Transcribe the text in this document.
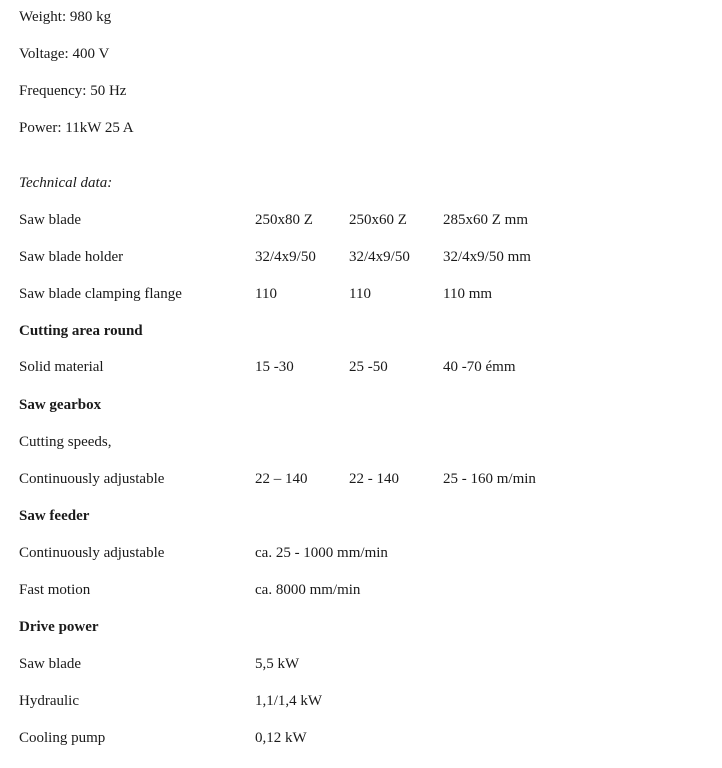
Weight: 980 kg
Voltage: 400 V
Frequency: 50 Hz
Power: 11kW 25 A
Technical data:
Saw blade	250x80 Z 250x60 Z 285x60 Z mm
Saw blade holder	32/4x9/50 32/4x9/50 32/4x9/50 mm
Saw blade clamping flange	110	110	110 mm
Cutting area round
Solid material	15 -30	25 -50	40 -70 émm
Saw gearbox
Cutting speeds,
Continuously adjustable	22 – 140	22 - 140	25 - 160 m/min
Saw feeder
Continuously adjustable	ca. 25 - 1000 mm/min
Fast motion	ca. 8000 mm/min
Drive power
Saw blade	5,5 kW
Hydraulic	1,1/1,4 kW
Cooling pump	0,12 kW
